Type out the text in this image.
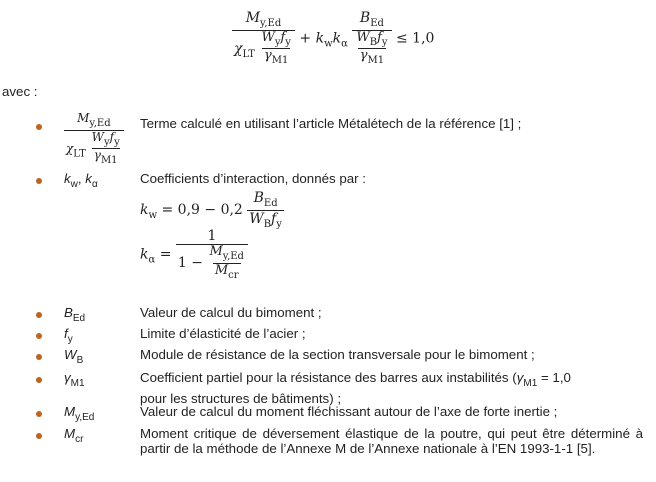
$\frac{M_{y,Ed}}{\chi_{LT} \frac{W_yf_y}{\gamma_{M1}}} + k_wk_\alpha \frac{B_{Ed}}{\frac{W_Bf_y}{\gamma_{M1}}} \le 1,0$
avec :
$\frac{M_{y,Ed}}{\chi_{LT} \frac{W_yf_y}{\gamma_{M1}}}$ Terme calculé en utilisant l’article Métalétech de la référence [1] ;
$k_w$, $k_\alpha$	Coefficients d’interaction, donnés par :
$k_w = 0,9 - 0,2 \frac{B_{Ed}}{W_Bf_y}$
$k_\alpha = \frac{1}{1 - \frac{M_{y,Ed}}{M_{cr}}}$
$B_{Ed}$	Valeur de calcul du bimoment ;
$f_y$	Limite d’élasticité de l’acier ;
$W_B$	Module de résistance de la section transversale pour le bimoment ;
$\gamma_{M1}$	Coefficient partiel pour la résistance des barres aux instabilités ($\gamma_{M1} = 1,0$
pour les structures de bâtiments) ;
$M_{y,Ed}$	Valeur de calcul du moment fléchissant autour de l’axe de forte inertie ;
$M_{cr}$	Moment critique de déversement élastique de la poutre, qui peut être déterminé à partir de la méthode de l’Annexe M de l’Annexe nationale à l’EN 1993-1-1 [5].
